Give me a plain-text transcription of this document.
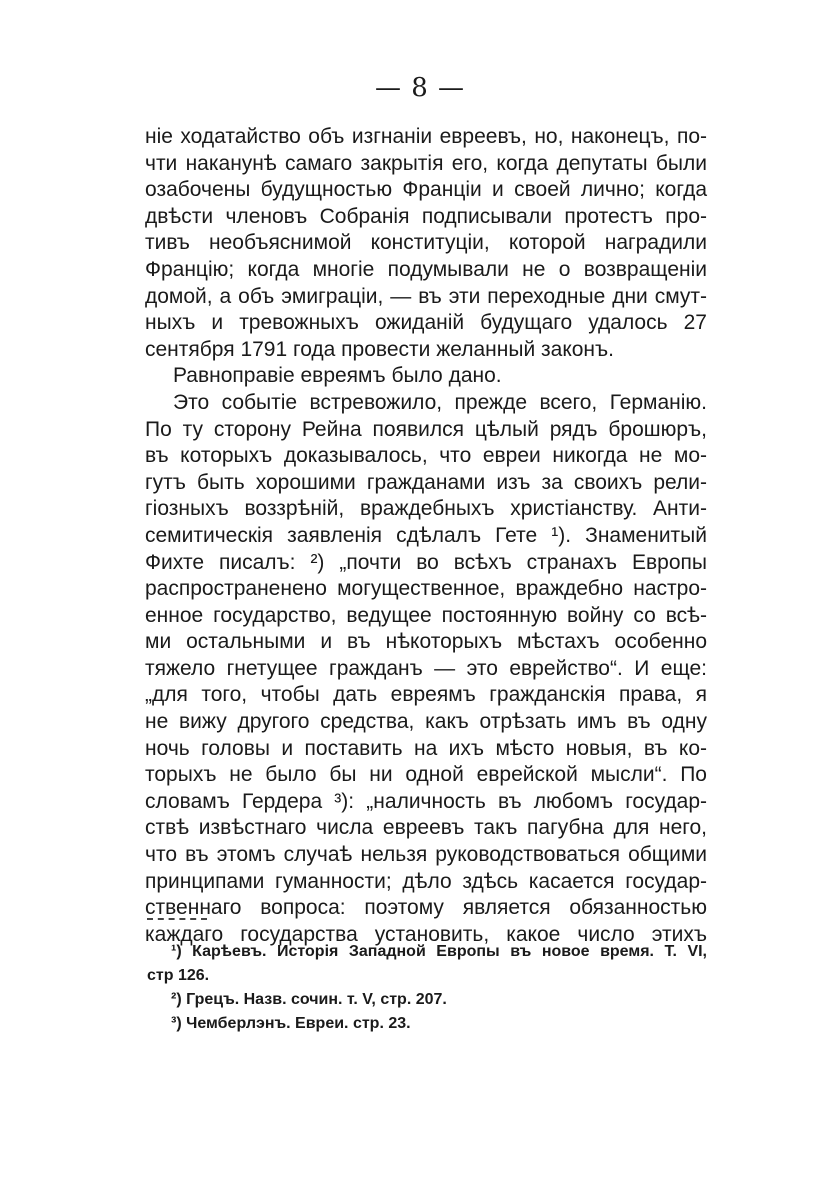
— 8 —
ніе ходатайство объ изгнаніи евреевъ, но, наконецъ, по-
чти наканунѣ самаго закрытія его, когда депутаты были
озабочены будущностью Франціи и своей лично; когда
двѣсти членовъ Собранія подписывали протестъ про-
тивъ необъяснимой конституціи, которой наградили
Францію; когда многіе подумывали не о возвращеніи
домой, а объ эмиграціи, — въ эти переходные дни смут-
ныхъ и тревожныхъ ожиданій будущаго удалось 27
сентября 1791 года провести желанный законъ.
Равноправіе евреямъ было дано.
Это событіе встревожило, прежде всего, Германію.
По ту сторону Рейна появился цѣлый рядъ брошюръ,
въ которыхъ доказывалось, что евреи никогда не мо-
гутъ быть хорошими гражданами изъ за своихъ рели-
гіозныхъ воззрѣній, враждебныхъ христіанству. Анти-
семитическія заявленія сдѣлалъ Гете ¹). Знаменитый
Фихте писалъ: ²) „почти во всѣхъ странахъ Европы
распространенено могущественное, враждебно настро-
енное государство, ведущее постоянную войну со всѣ-
ми остальными и въ нѣкоторыхъ мѣстахъ особенно
тяжело гнетущее гражданъ — это еврейство“. И еще:
„для того, чтобы дать евреямъ гражданскія права, я
не вижу другого средства, какъ отрѣзать имъ въ одну
ночь головы и поставить на ихъ мѣсто новыя, въ ко-
торыхъ не было бы ни одной еврейской мысли“. По
словамъ Гердера ³): „наличность въ любомъ государ-
ствѣ извѣстнаго числа евреевъ такъ пагубна для него,
что въ этомъ случаѣ нельзя руководствоваться общими
принципами гуманности; дѣло здѣсь касается государ-
ственнаго вопроса: поэтому является обязанностью
каждаго государства установить, какое число этихъ
¹) Карѣевъ. Исторія Западной Европы въ новое время. Т. VI,
стр 126.
²) Грецъ. Назв. сочин. т. V, стр. 207.
³) Чемберлэнъ. Евреи. стр. 23.
